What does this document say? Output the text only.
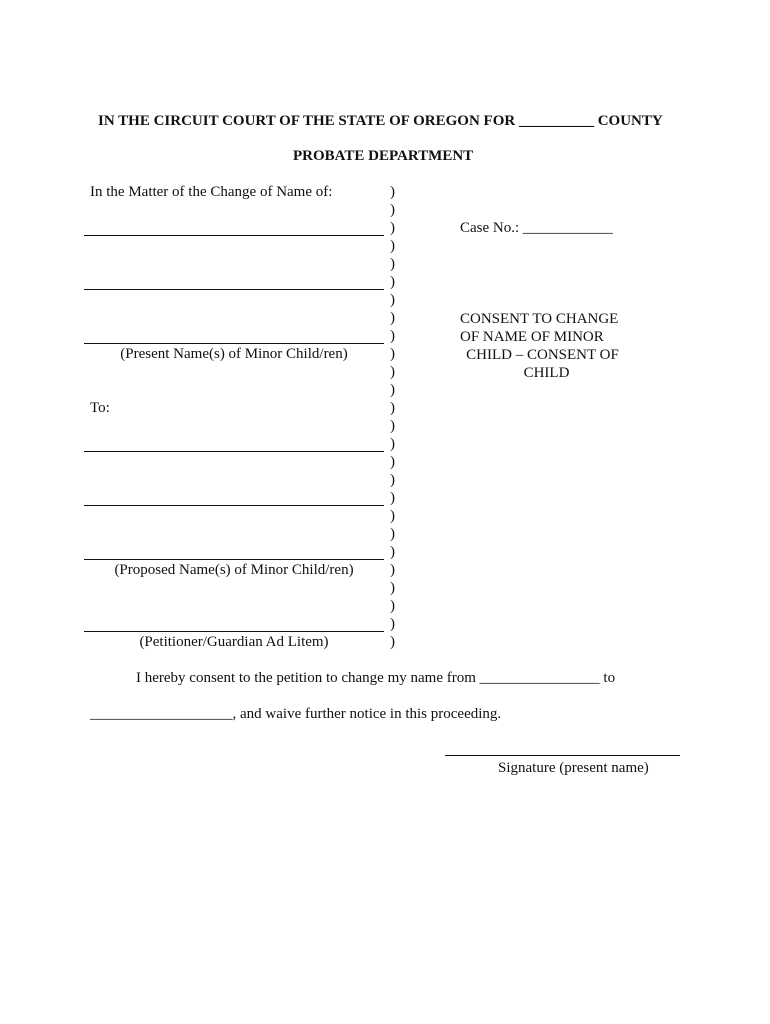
IN THE CIRCUIT COURT OF THE STATE OF OREGON FOR __________ COUNTY
PROBATE DEPARTMENT
In the Matter of the Change of Name of:
(Present Name(s) of Minor Child/ren)
To:
(Proposed Name(s) of Minor Child/ren)
(Petitioner/Guardian Ad Litem)
)
)
)
)
)
)
)
)
)
)
)
)
)
)
)
)
)
)
)
)
)
)
)
)
)
)
Case No.: ____________
CONSENT TO CHANGE
OF NAME OF MINOR
CHILD – CONSENT OF
CHILD
I hereby consent to the petition to change my name from ________________ to
___________________, and waive further notice in this proceeding.
Signature (present name)
